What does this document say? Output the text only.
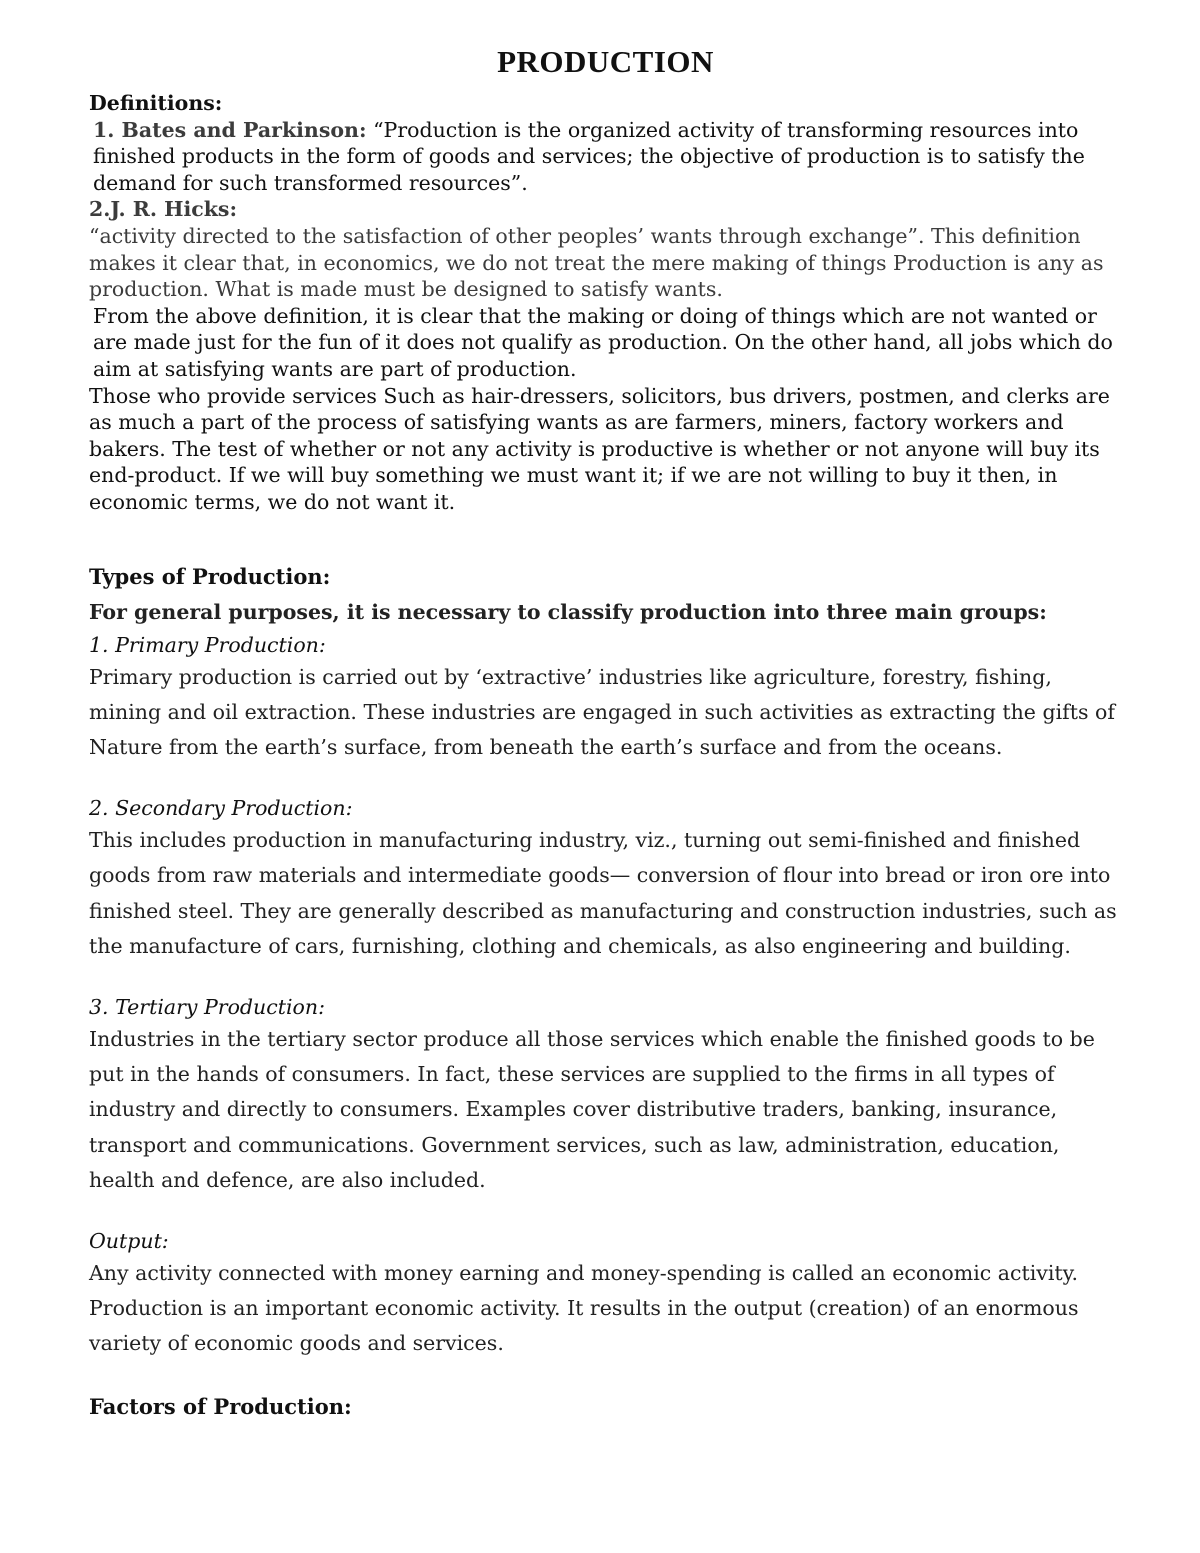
PRODUCTION

Definitions:

1. Bates and Parkinson: “Production is the organized activity of transforming resources into finished products in the form of goods and services; the objective of production is to satisfy the demand for such transformed resources”.

2.J. R. Hicks:

“activity directed to the satisfaction of other peoples’ wants through exchange”. This definition makes it clear that, in economics, we do not treat the mere making of things Production is any as production. What is made must be designed to satisfy wants.

From the above definition, it is clear that the making or doing of things which are not wanted or are made just for the fun of it does not qualify as production. On the other hand, all jobs which do aim at satisfying wants are part of production.

Those who provide services Such as hair-dressers, solicitors, bus drivers, postmen, and clerks are as much a part of the process of satisfying wants as are farmers, miners, factory workers and bakers. The test of whether or not any activity is productive is whether or not anyone will buy its end-product. If we will buy something we must want it; if we are not willing to buy it then, in economic terms, we do not want it.

Types of Production:

For general purposes, it is necessary to classify production into three main groups:

1. Primary Production:

Primary production is carried out by ‘extractive’ industries like agriculture, forestry, fishing, mining and oil extraction. These industries are engaged in such activities as extracting the gifts of Nature from the earth’s surface, from beneath the earth’s surface and from the oceans.

2. Secondary Production:

This includes production in manufacturing industry, viz., turning out semi-finished and finished goods from raw materials and intermediate goods— conversion of flour into bread or iron ore into finished steel. They are generally described as manufacturing and construction industries, such as the manufacture of cars, furnishing, clothing and chemicals, as also engineering and building.

3. Tertiary Production:

Industries in the tertiary sector produce all those services which enable the finished goods to be put in the hands of consumers. In fact, these services are supplied to the firms in all types of industry and directly to consumers. Examples cover distributive traders, banking, insurance, transport and communications. Government services, such as law, administration, education, health and defence, are also included.

Output:

Any activity connected with money earning and money-spending is called an economic activity. Production is an important economic activity. It results in the output (creation) of an enormous variety of economic goods and services.

Factors of Production:
